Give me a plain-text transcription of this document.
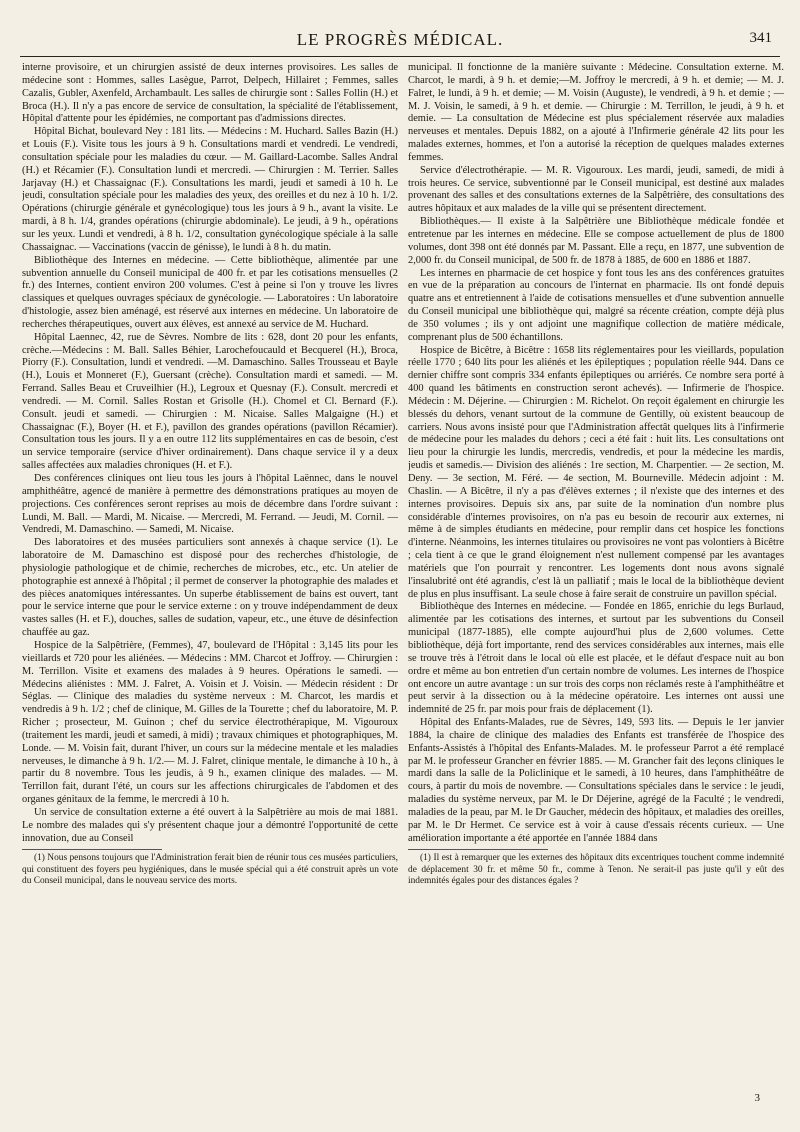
LE PROGRÈS MÉDICAL.	341

interne provisoire, et un chirurgien assisté de deux internes provisoires. Les salles de médecine sont : Hommes, salles Lasègue, Parrot, Delpech, Hillairet ; Femmes, salles Cazalis, Gubler, Axenfeld, Archambault. Les salles de chirurgie sont : Salles Follin (H.) et Broca (H.). Il n'y a pas encore de service de consultation, la spécialité de l'établissement, Hôpital d'attente pour les épidémies, ne comportant pas d'admissions directes.

Hôpital Bichat, boulevard Ney : 181 lits. — Médecins : M. Huchard. Salles Bazin (H.) et Louis (F.). Visite tous les jours à 9 h. Consultations mardi et vendredi. Le vendredi, consultation spéciale pour les maladies du cœur. — M. Gaillard-Lacombe. Salles Andral (H.) et Récamier (F.). Consultation lundi et mercredi. — Chirurgien : M. Terrier. Salles Jarjavay (H.) et Chassaignac (F.). Consultations les mardi, jeudi et samedi à 10 h. Le jeudi, consultation spéciale pour les maladies des yeux, des oreilles et du nez à 10 h. 1/2. Opérations (chirurgie générale et gynécologique) tous les jours à 9 h., avant la visite. Le mardi, à 8 h. 1/4, grandes opérations (chirurgie abdominale). Le jeudi, à 9 h., opérations sur les yeux. Lundi et vendredi, à 8 h. 1/2, consultation gynécologique spéciale à la salle Chassaignac. — Vaccinations (vaccin de génisse), le lundi à 8 h. du matin.

Bibliothèque des Internes en médecine. — Cette bibliothèque, alimentée par une subvention annuelle du Conseil municipal de 400 fr. et par les cotisations mensuelles (2 fr.) des Internes, contient environ 200 volumes. C'est à peine si l'on y trouve les livres classiques et quelques ouvrages spéciaux de gynécologie. — Laboratoires : Un laboratoire d'histologie, assez bien aménagé, est réservé aux internes en médecine. Un laboratoire de recherches thérapeutiques, ouvert aux élèves, est annexé au service de M. Huchard.

Hôpital Laennec, 42, rue de Sèvres. Nombre de lits : 628, dont 20 pour les enfants, crèche.—Médecins : M. Ball. Salles Béhier, Larochefoucauld et Becquerel (H.), Broca, Piorry (F.). Consultation, lundi et vendredi. —M. Damaschino. Salles Trousseau et Bayle (H.), Louis et Monneret (F.), Guersant (crèche). Consultation mardi et samedi. — M. Ferrand. Salles Beau et Cruveilhier (H.), Legroux et Quesnay (F.). Consult. mercredi et vendredi. — M. Cornil. Salles Rostan et Grisolle (H.). Chomel et Cl. Bernard (F.). Consult. jeudi et samedi. — Chirurgien : M. Nicaise. Salles Malgaigne (H.) et Chassaignac (F.), Boyer (H. et F.), pavillon des grandes opérations (pavillon Récamier). Consultation tous les jours. Il y a en outre 112 lits supplémentaires en cas de besoin, c'est un service temporaire (service d'hiver ordinairement). Dans chaque service il y a deux salles affectées aux maladies chroniques (H. et F.).

Des conférences cliniques ont lieu tous les jours à l'hôpital Laënnec, dans le nouvel amphithéâtre, agencé de manière à permettre des démonstrations pratiques au moyen de projections. Ces conférences seront reprises au mois de décembre dans l'ordre suivant : Lundi, M. Ball. — Mardi, M. Nicaise. — Mercredi, M. Ferrand. — Jeudi, M. Cornil. — Vendredi, M. Damaschino. — Samedi, M. Nicaise.

Des laboratoires et des musées particuliers sont annexés à chaque service (1). Le laboratoire de M. Damaschino est disposé pour des recherches d'histologie, de physiologie pathologique et de chimie, recherches de microbes, etc., etc. Un atelier de photographie est annexé à l'hôpital ; il permet de conserver la photographie des malades et des pièces anatomiques intéressantes. Un superbe établissement de bains est ouvert, tant pour le service interne que pour le service externe : on y trouve indépendamment de deux vastes salles (H. et F.), douches, salles de sudation, vapeur, etc., une étuve de désinfection chauffée au gaz.

Hospice de la Salpêtrière, (Femmes), 47, boulevard de l'Hôpital : 3,145 lits pour les vieillards et 720 pour les aliénées. — Médecins : MM. Charcot et Joffroy. — Chirurgien : M. Terrillon. Visite et examens des malades à 9 heures. Opérations le samedi. — Médecins aliénistes : MM. J. Falret, A. Voisin et J. Voisin. — Médecin résident : Dr Séglas. — Clinique des maladies du système nerveux : M. Charcot, les mardis et vendredis à 9 h. 1/2 ; chef de clinique, M. Gilles de la Tourette ; chef du laboratoire, M. P. Richer ; prosecteur, M. Guinon ; chef du service électrothérapique, M. Vigouroux (traitement les mardi, jeudi et samedi, à midi) ; travaux chimiques et photographiques, M. Londe. — M. Voisin fait, durant l'hiver, un cours sur la médecine mentale et les maladies nerveuses, le dimanche à 9 h. 1/2.— M. J. Falret, clinique mentale, le dimanche à 10 h., à partir du 8 novembre. Tous les jeudis, à 9 h., examen clinique des malades. — M. Terrillon fait, durant l'été, un cours sur les affections chirurgicales de l'abdomen et des organes génitaux de la femme, le mercredi à 10 h.

Un service de consultation externe a été ouvert à la Salpêtrière au mois de mai 1881. Le nombre des malades qui s'y présentent chaque jour a démontré l'opportunité de cette innovation, due au Conseil

(1) Nous pensons toujours que l'Administration ferait bien de réunir tous ces musées particuliers, qui constituent des foyers peu hygiéniques, dans le musée spécial qui a été construit après un vote du Conseil municipal, dans le nouveau service des morts.

municipal. Il fonctionne de la manière suivante : Médecine. Consultation externe. M. Charcot, le mardi, à 9 h. et demie;—M. Joffroy le mercredi, à 9 h. et demie; — M. J. Falret, le lundi, à 9 h. et demie; — M. Voisin (Auguste), le vendredi, à 9 h. et demie ; — M. J. Voisin, le samedi, à 9 h. et demie. — Chirurgie : M. Terrillon, le jeudi, à 9 h. et demie. — La consultation de Médecine est plus spécialement réservée aux maladies nerveuses et mentales. Depuis 1882, on a ajouté à l'Infirmerie générale 42 lits pour les malades externes, hommes, et l'on a autorisé la réception de quelques malades externes femmes.

Service d'électrothérapie. — M. R. Vigouroux. Les mardi, jeudi, samedi, de midi à trois heures. Ce service, subventionné par le Conseil municipal, est destiné aux malades provenant des salles et des consultations externes de la Salpêtrière, des consultations des autres hôpitaux et aux malades de la ville qui se présentent directement.

Bibliothèques.— Il existe à la Salpêtrière une Bibliothèque médicale fondée et entretenue par les internes en médecine. Elle se compose actuellement de plus de 1800 volumes, dont 398 ont été donnés par M. Passant. Elle a reçu, en 1877, une subvention de 2,000 fr. du Conseil municipal, de 500 fr. de 1878 à 1885, de 600 en 1886 et 1887.

Les internes en pharmacie de cet hospice y font tous les ans des conférences gratuites en vue de la préparation au concours de l'internat en pharmacie. Ils ont fondé depuis quatre ans et entretiennent à l'aide de cotisations mensuelles et d'une subvention annuelle du Conseil municipal une bibliothèque qui, malgré sa récente création, compte déjà plus de 350 volumes ; ils y ont adjoint une magnifique collection de matière médicale, comprenant plus de 500 échantillons.

Hospice de Bicêtre, à Bicêtre : 1658 lits réglementaires pour les vieillards, population réelle 1770 ; 640 lits pour les aliénés et les épileptiques ; population réelle 944. Dans ce dernier chiffre sont compris 334 enfants épileptiques ou arriérés. Ce nombre sera porté à 400 quand les bâtiments en construction seront achevés). — Infirmerie de l'hospice. Médecin : M. Déjerine. — Chirurgien : M. Richelot. On reçoit également en chirurgie les blessés du dehors, venant surtout de la commune de Gentilly, où existent beaucoup de carriers. Nous avons insisté pour que l'Administration affectât quelques lits à l'infirmerie de médecine pour les malades du dehors ; ceci a été fait : huit lits. Les consultations ont lieu pour la chirurgie les lundis, mercredis, vendredis, et pour la médecine les mardis, jeudis et samedis.— Division des aliénés : 1re section, M. Charpentier. — 2e section, M. Deny. — 3e section, M. Féré. — 4e section, M. Bourneville. Médecin adjoint : M. Chaslin. — A Bicêtre, il n'y a pas d'élèves externes ; il n'existe que des internes et des internes provisoires. Depuis six ans, par suite de la nomination d'un nombre plus considérable d'internes provisoires, on n'a pas eu besoin de recourir aux externes, ni même à de simples étudiants en médecine, pour remplir dans cet hospice les fonctions d'interne. Néanmoins, les internes titulaires ou provisoires ne vont pas volontiers à Bicêtre ; cela tient à ce que le grand éloignement n'est nullement compensé par les avantages matériels que l'on pourrait y rencontrer. Les logements dont nous avons signalé l'insalubrité ont été agrandis, c'est là un palliatif ; mais le local de la bibliothèque devient de plus en plus insuffisant. La seule chose à faire serait de construire un pavillon spécial.

Bibliothèque des Internes en médecine. — Fondée en 1865, enrichie du legs Burlaud, alimentée par les cotisations des internes, et surtout par les subventions du Conseil municipal (1877-1885), elle compte aujourd'hui plus de 2,600 volumes. Cette bibliothèque, déjà fort importante, rend des services considérables aux internes, mais elle se trouve très à l'étroit dans le local où elle est placée, et le défaut d'espace nuit au bon ordre et même au bon entretien d'un certain nombre de volumes. Les internes de l'hospice ont encore un autre avantage : un sur trois des corps non réclamés reste à l'amphithéâtre et peut servir à la dissection ou à la médecine opératoire. Les internes ont aussi une indemnité de 25 fr. par mois pour frais de déplacement (1).

Hôpital des Enfants-Malades, rue de Sèvres, 149, 593 lits. — Depuis le 1er janvier 1884, la chaire de clinique des maladies des Enfants est transférée de l'hospice des Enfants-Assistés à l'hôpital des Enfants-Malades. M. le professeur Parrot a été remplacé par M. le professeur Grancher en février 1885. — M. Grancher fait des leçons cliniques le mardi dans la salle de la Policlinique et le samedi, à 10 heures, dans l'amphithéâtre de cours, à partir du mois de novembre. — Consultations spéciales dans le service : le jeudi, maladies du système nerveux, par M. le Dr Déjerine, agrégé de la Faculté ; le vendredi, maladies de la peau, par M. le Dr Gaucher, médecin des hôpitaux, et maladies des oreilles, par M. le Dr Hermet. Ce service est à voir à cause d'essais récents curieux. — Une amélioration importante a été apportée en l'année 1884 dans

(1) Il est à remarquer que les externes des hôpitaux dits excentriques touchent comme indemnité de déplacement 30 fr. et même 50 fr., comme à Tenon. Ne serait-il pas juste qu'il y eût des indemnités égales pour des distances égales ?

3
